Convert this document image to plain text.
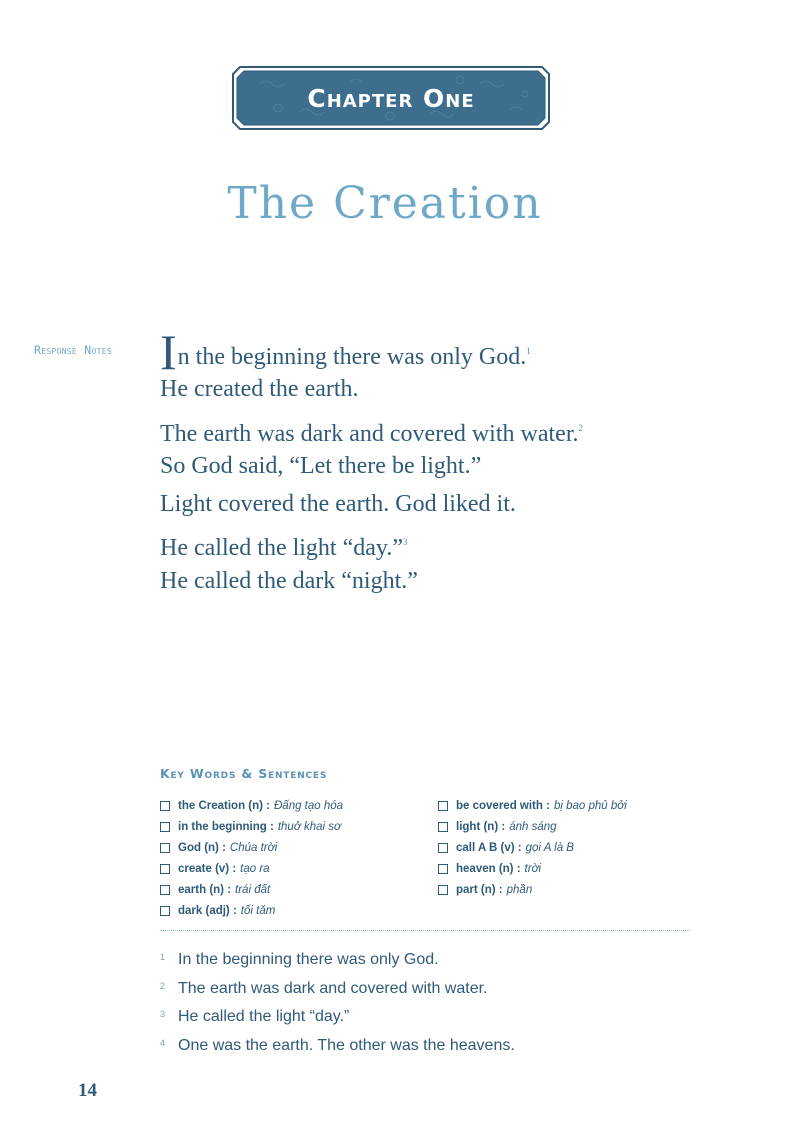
Chapter One
The Creation
Response Notes In the beginning there was only God.$^1$
He created the earth.
The earth was dark and covered with water.$^2$
So God said, “Let there be light.”
Light covered the earth. God liked it.
He called the light “day.”$^3$
He called the dark “night.”
Key Words & Sentences
the Creation (n) : Đấng tạo hóa
in the beginning : thuở khai sơ
God (n) : Chúa trời
create (v) : tạo ra
earth (n) : trái đất
dark (adj) : tối tăm
be covered with : bị bao phủ bởi
light (n) : ánh sáng
call A B (v) : gọi A là B
heaven (n) : trời
part (n) : phần
1 In the beginning there was only God.
2 The earth was dark and covered with water.
3 He called the light “day.”
4 One was the earth. The other was the heavens.
14
